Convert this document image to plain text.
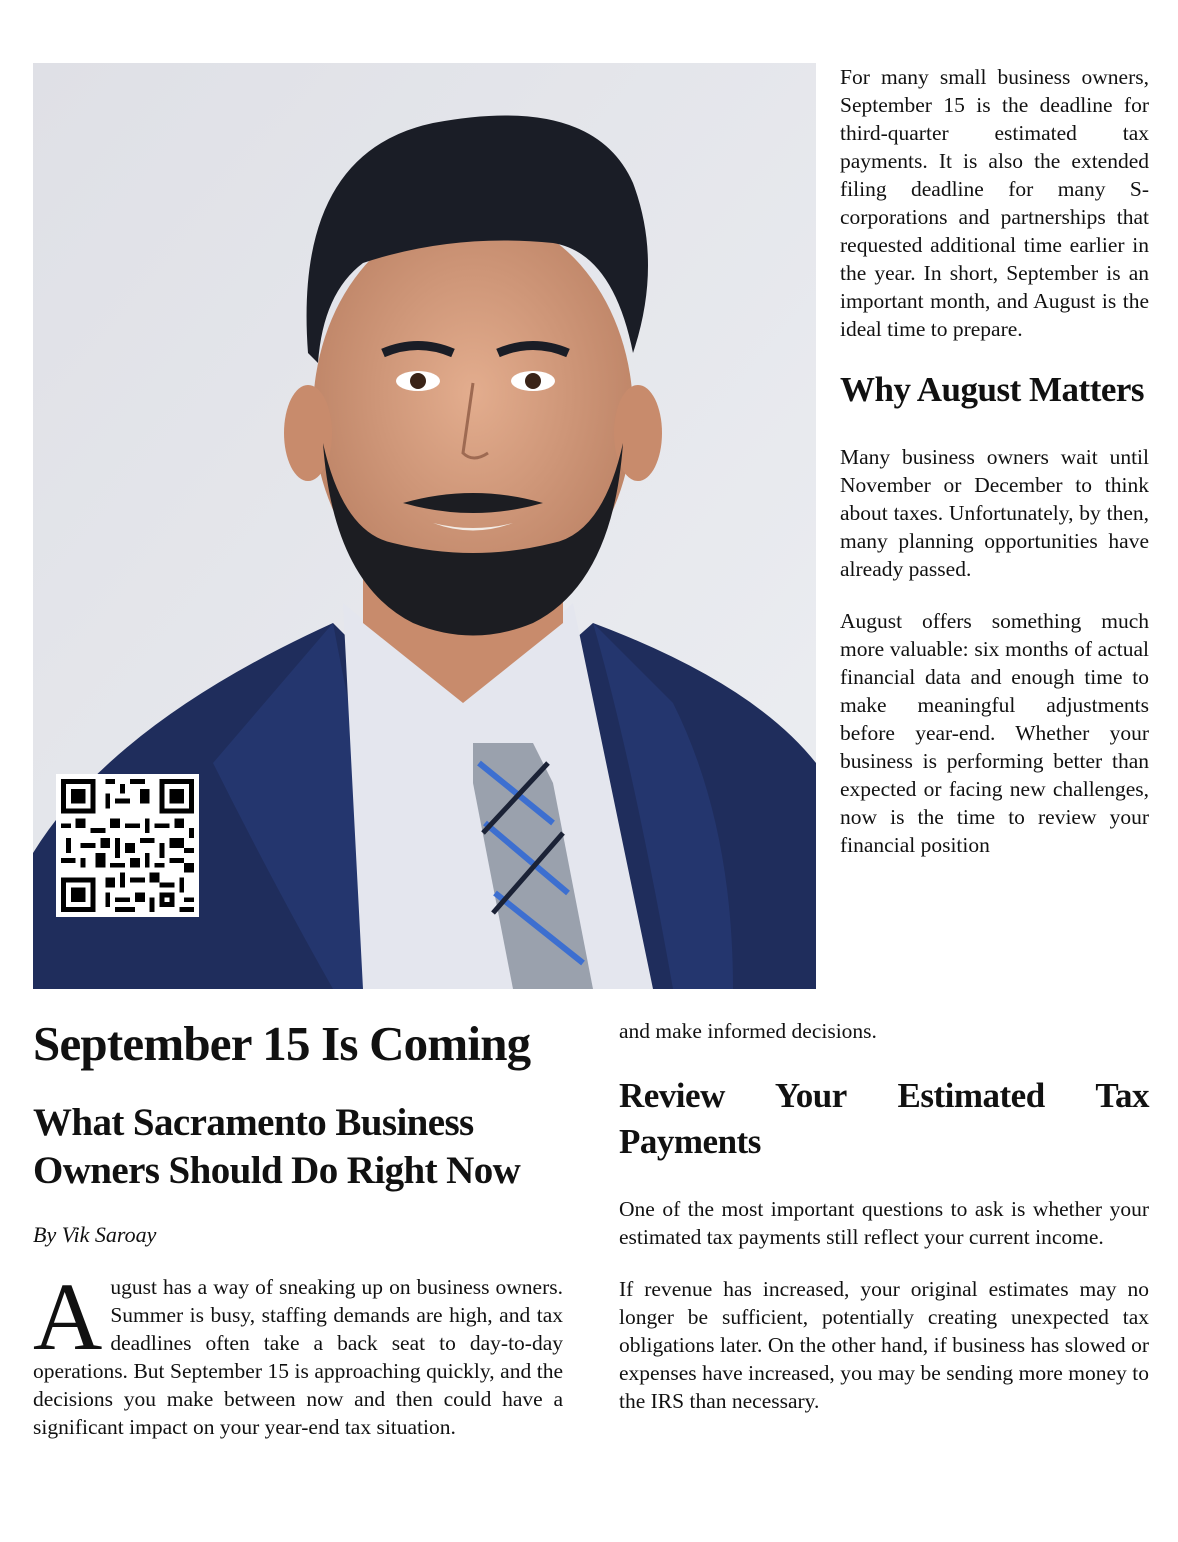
For many small business owners, September 15 is the deadline for third-quarter estimated tax payments. It is also the extended filing deadline for many S-corporations and partnerships that requested additional time earlier in the year. In short, September is an important month, and August is the ideal time to prepare.

Why August Matters

Many business owners wait until November or December to think about taxes. Unfortunately, by then, many planning opportunities have already passed.

August offers something much more valuable: six months of actual financial data and enough time to make meaningful adjustments before year-end. Whether your business is performing better than expected or facing new challenges, now is the time to review your financial position

and make informed decisions.

Review Your Estimated Tax Payments

One of the most important questions to ask is whether your estimated tax payments still reflect your current income.

If revenue has increased, your original estimates may no longer be sufficient, potentially creating unexpected tax obligations later. On the other hand, if business has slowed or expenses have increased, you may be sending more money to the IRS than necessary.

September 15 Is Coming
What Sacramento Business Owners Should Do Right Now

By Vik Saroay

August has a way of sneaking up on business owners. Summer is busy, staffing demands are high, and tax deadlines often take a back seat to day-to-day operations. But September 15 is approaching quickly, and the decisions you make between now and then could have a significant impact on your year-end tax situation.
